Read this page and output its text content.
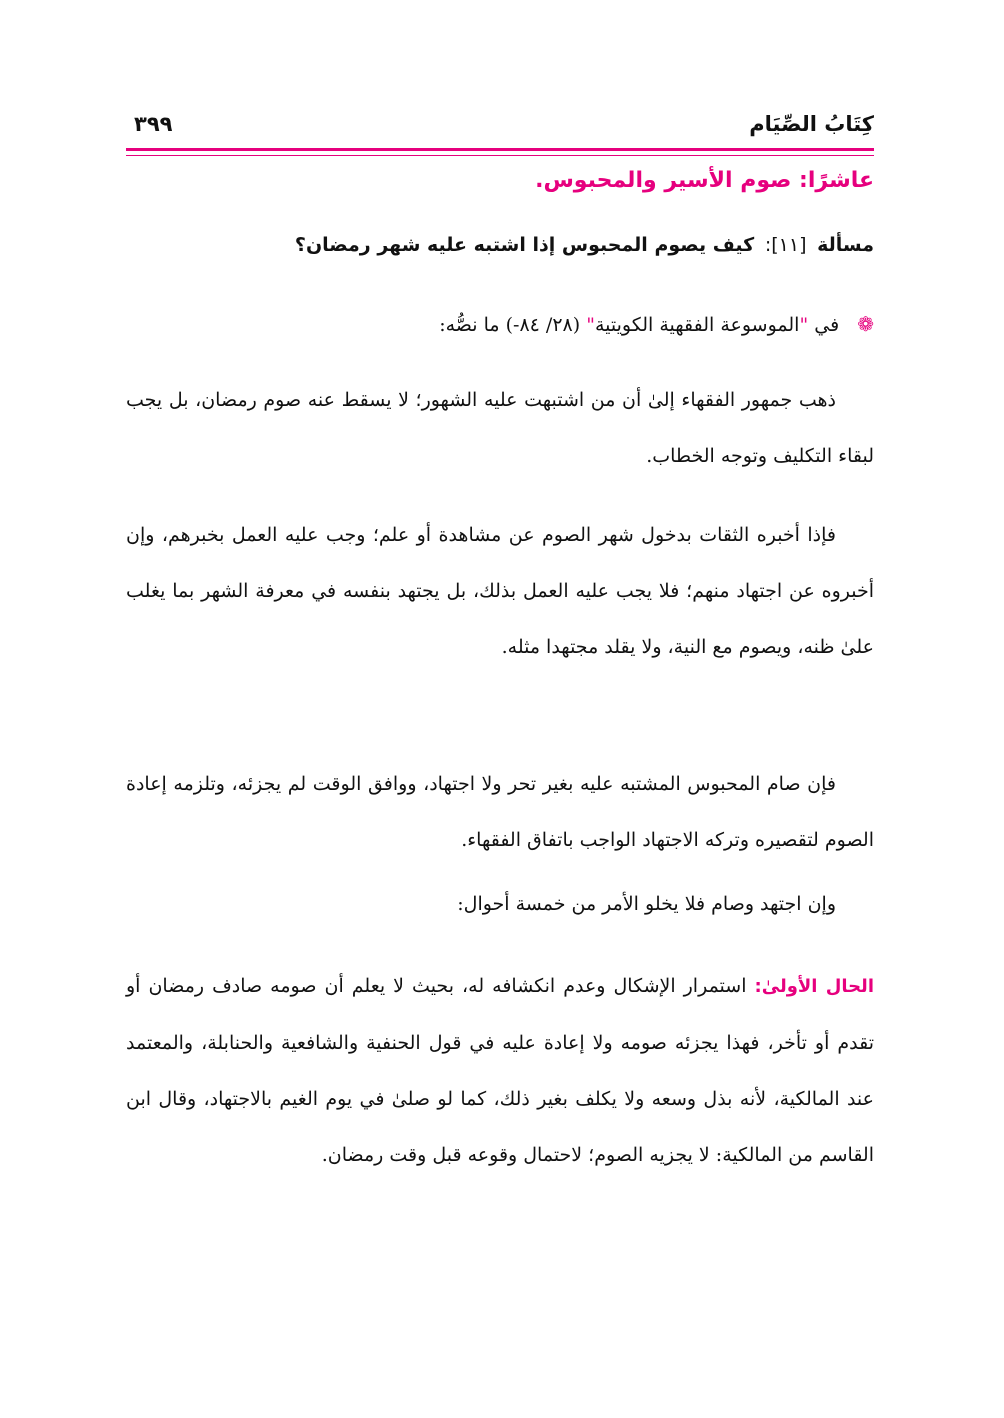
كِتَابُ الصِّيَام
٣٩٩
عاشرًا: صوم الأسير والمحبوس.
مسألة [١١]: كيف يصوم المحبوس إذا اشتبه عليه شهر رمضان؟
❁ في "الموسوعة الفقهية الكويتية" (٢٨/ ٨٤-) ما نصُّه:

ذهب جمهور الفقهاء إلىٰ أن من اشتبهت عليه الشهور؛ لا يسقط عنه صوم رمضان، بل يجب لبقاء التكليف وتوجه الخطاب.

فإذا أخبره الثقات بدخول شهر الصوم عن مشاهدة أو علم؛ وجب عليه العمل بخبرهم، وإن أخبروه عن اجتهاد منهم؛ فلا يجب عليه العمل بذلك، بل يجتهد بنفسه في معرفة الشهر بما يغلب علىٰ ظنه، ويصوم مع النية، ولا يقلد مجتهدا مثله.

فإن صام المحبوس المشتبه عليه بغير تحر ولا اجتهاد، ووافق الوقت لم يجزئه، وتلزمه إعادة الصوم لتقصيره وتركه الاجتهاد الواجب باتفاق الفقهاء.

وإن اجتهد وصام فلا يخلو الأمر من خمسة أحوال:

الحال الأولىٰ: استمرار الإشكال وعدم انكشافه له، بحيث لا يعلم أن صومه صادف رمضان أو تقدم أو تأخر، فهذا يجزئه صومه ولا إعادة عليه في قول الحنفية والشافعية والحنابلة، والمعتمد عند المالكية، لأنه بذل وسعه ولا يكلف بغير ذلك، كما لو صلىٰ في يوم الغيم بالاجتهاد، وقال ابن القاسم من المالكية: لا يجزيه الصوم؛ لاحتمال وقوعه قبل وقت رمضان.
